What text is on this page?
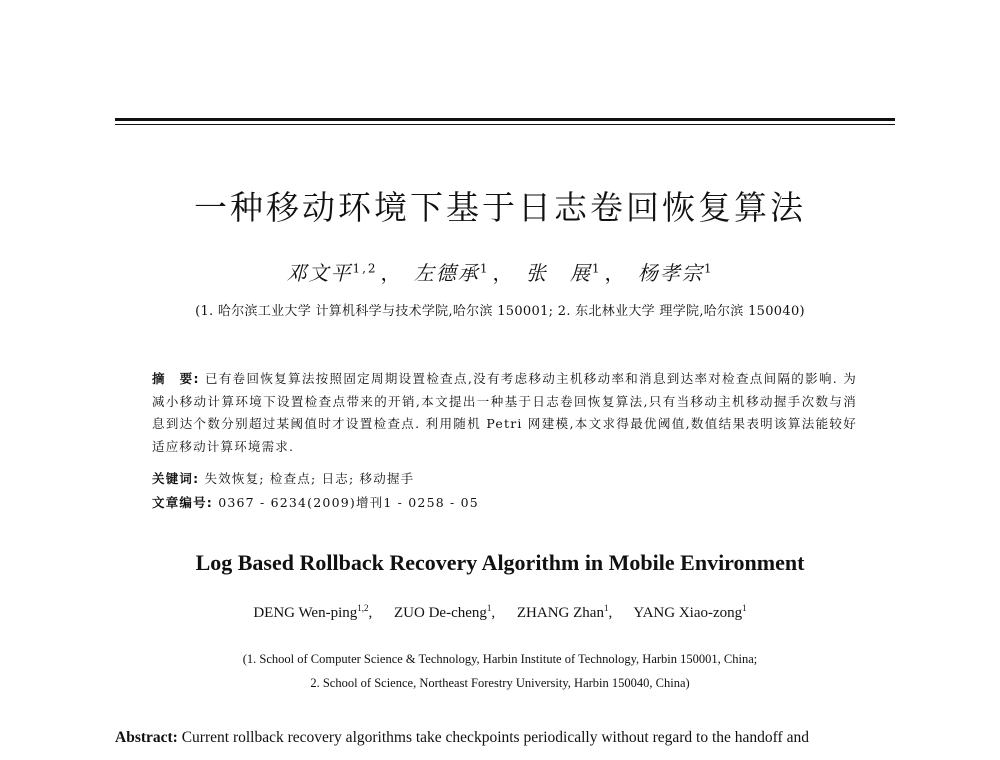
一种移动环境下基于日志卷回恢复算法
邓文平$^{1,2}$ ， 左德承$^1$ ， 张　展$^1$ ， 杨孝宗$^1$
(1. 哈尔滨工业大学 计算机科学与技术学院,哈尔滨 150001; 2. 东北林业大学 理学院,哈尔滨 150040)
摘　要: 已有卷回恢复算法按照固定周期设置检查点,没有考虑移动主机移动率和消息到达率对检查点间隔的影响. 为减小移动计算环境下设置检查点带来的开销,本文提出一种基于日志卷回恢复算法,只有当移动主机移动握手次数与消息到达个数分别超过某阈值时才设置检查点. 利用随机 Petri 网建模,本文求得最优阈值,数值结果表明该算法能较好适应移动计算环境需求.
关键词: 失效恢复; 检查点; 日志; 移动握手
文章编号: 0367 - 6234(2009)增刊1 - 0258 - 05
Log Based Rollback Recovery Algorithm in Mobile Environment
DENG Wen-ping$^{1,2}$, ZUO De-cheng$^1$, ZHANG Zhan$^1$, YANG Xiao-zong$^1$
(1. School of Computer Science & Technology, Harbin Institute of Technology, Harbin 150001, China;
2. School of Science, Northeast Forestry University, Harbin 150040, China)
Abstract: Current rollback recovery algorithms take checkpoints periodically without regard to the handoff and
